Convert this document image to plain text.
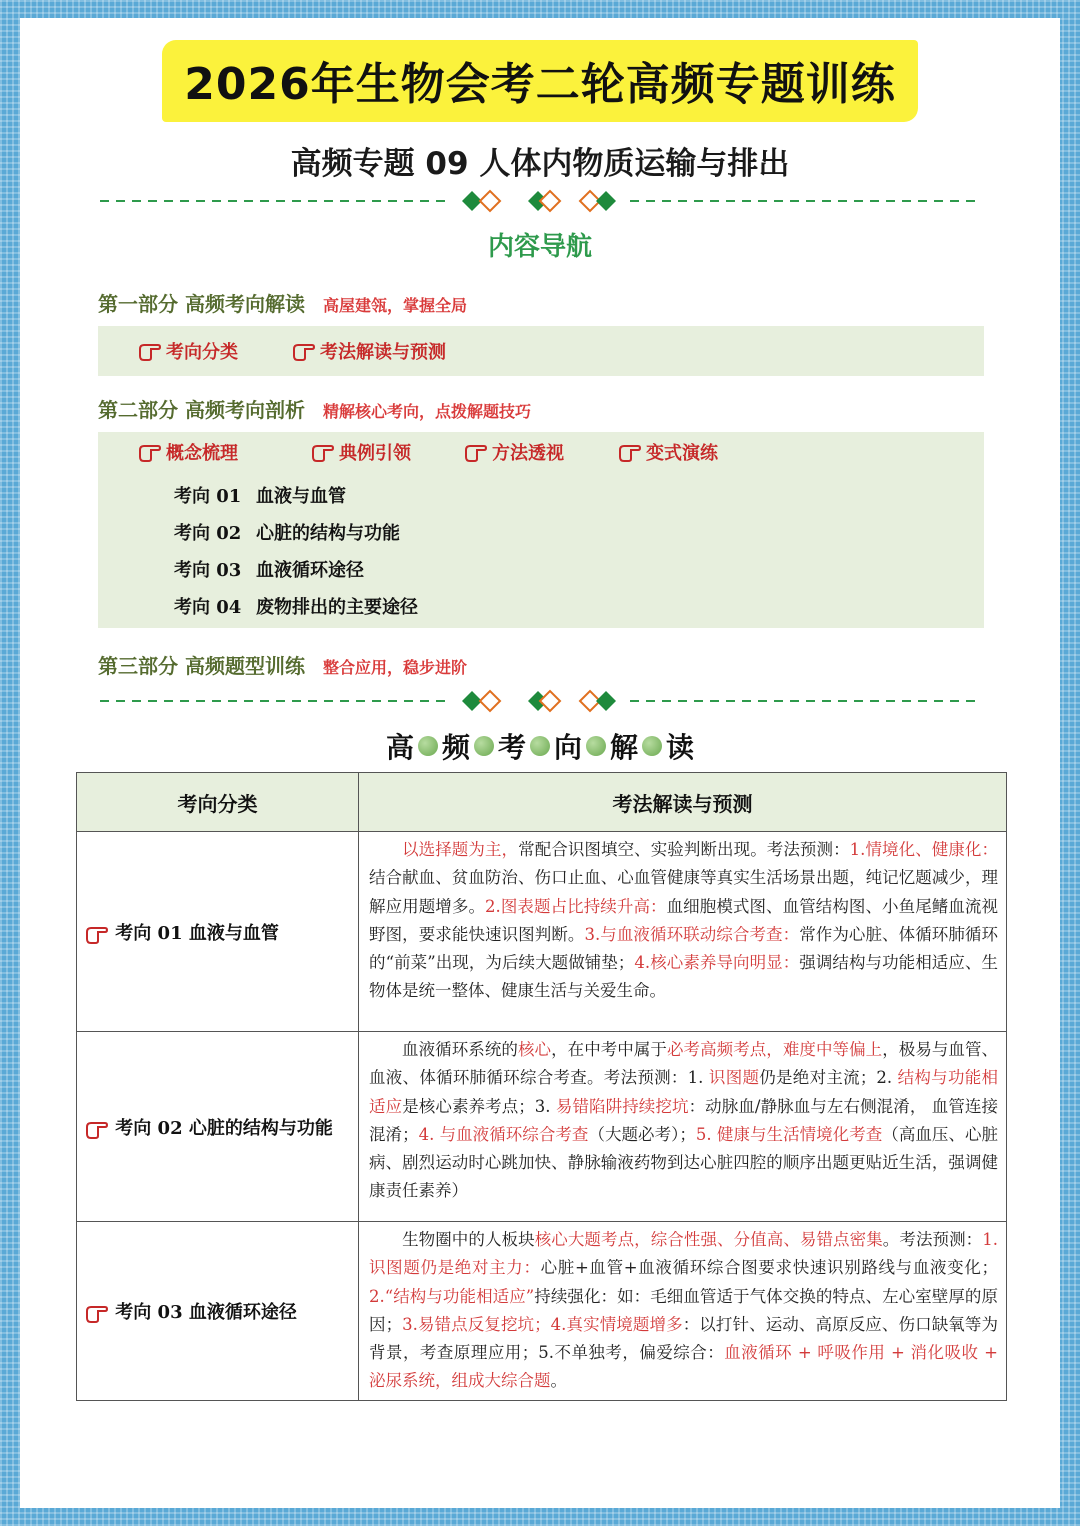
2026年生物会考二轮高频专题训练
高频专题 09 人体内物质运输与排出
内容导航
第一部分 高频考向解读 高屋建瓴，掌握全局
考向分类	考法解读与预测
第二部分 高频考向剖析 精解核心考向，点拨解题技巧
概念梳理	典例引领	方法透视	变式演练
考向 01 血液与血管
考向 02 心脏的结构与功能
考向 03 血液循环途径
考向 04 废物排出的主要途径
第三部分 高频题型训练 整合应用，稳步进阶
高 频 考 向 解 读
考向分类	考法解读与预测
考向 01 血液与血管	以选择题为主，常配合识图填空、实验判断出现。考法预测：1.情境化、健康化：结合献血、贫血防治、伤口止血、心血管健康等真实生活场景出题，纯记忆题减少，理解应用题增多。2.图表题占比持续升高：血细胞模式图、血管结构图、小鱼尾鳍血流视野图，要求能快速识图判断。3.与血液循环联动综合考查：常作为心脏、体循环肺循环的“前菜”出现，为后续大题做铺垫；4.核心素养导向明显：强调结构与功能相适应、生物体是统一整体、健康生活与关爱生命。
考向 02 心脏的结构与功能	血液循环系统的核心，在中考中属于必考高频考点，难度中等偏上，极易与血管、血液、体循环肺循环综合考查。考法预测：1. 识图题仍是绝对主流；2. 结构与功能相适应是核心素养考点；3. 易错陷阱持续挖坑：动脉血/静脉血与左右侧混淆， 血管连接混淆；4. 与血液循环综合考查（大题必考）；5. 健康与生活情境化考查（高血压、心脏病、剧烈运动时心跳加快、静脉输液药物到达心脏四腔的顺序出题更贴近生活，强调健康责任素养）
考向 03 血液循环途径	生物圈中的人板块核心大题考点，综合性强、分值高、易错点密集。考法预测：1.识图题仍是绝对主力：心脏+血管+血液循环综合图要求快速识别路线与血液变化；2.“结构与功能相适应”持续强化：如：毛细血管适于气体交换的特点、左心室壁厚的原因；3.易错点反复挖坑；4.真实情境题增多：以打针、运动、高原反应、伤口缺氧等为背景，考查原理应用；5.不单独考，偏爱综合：血液循环 + 呼吸作用 + 消化吸收 + 泌尿系统，组成大综合题。
